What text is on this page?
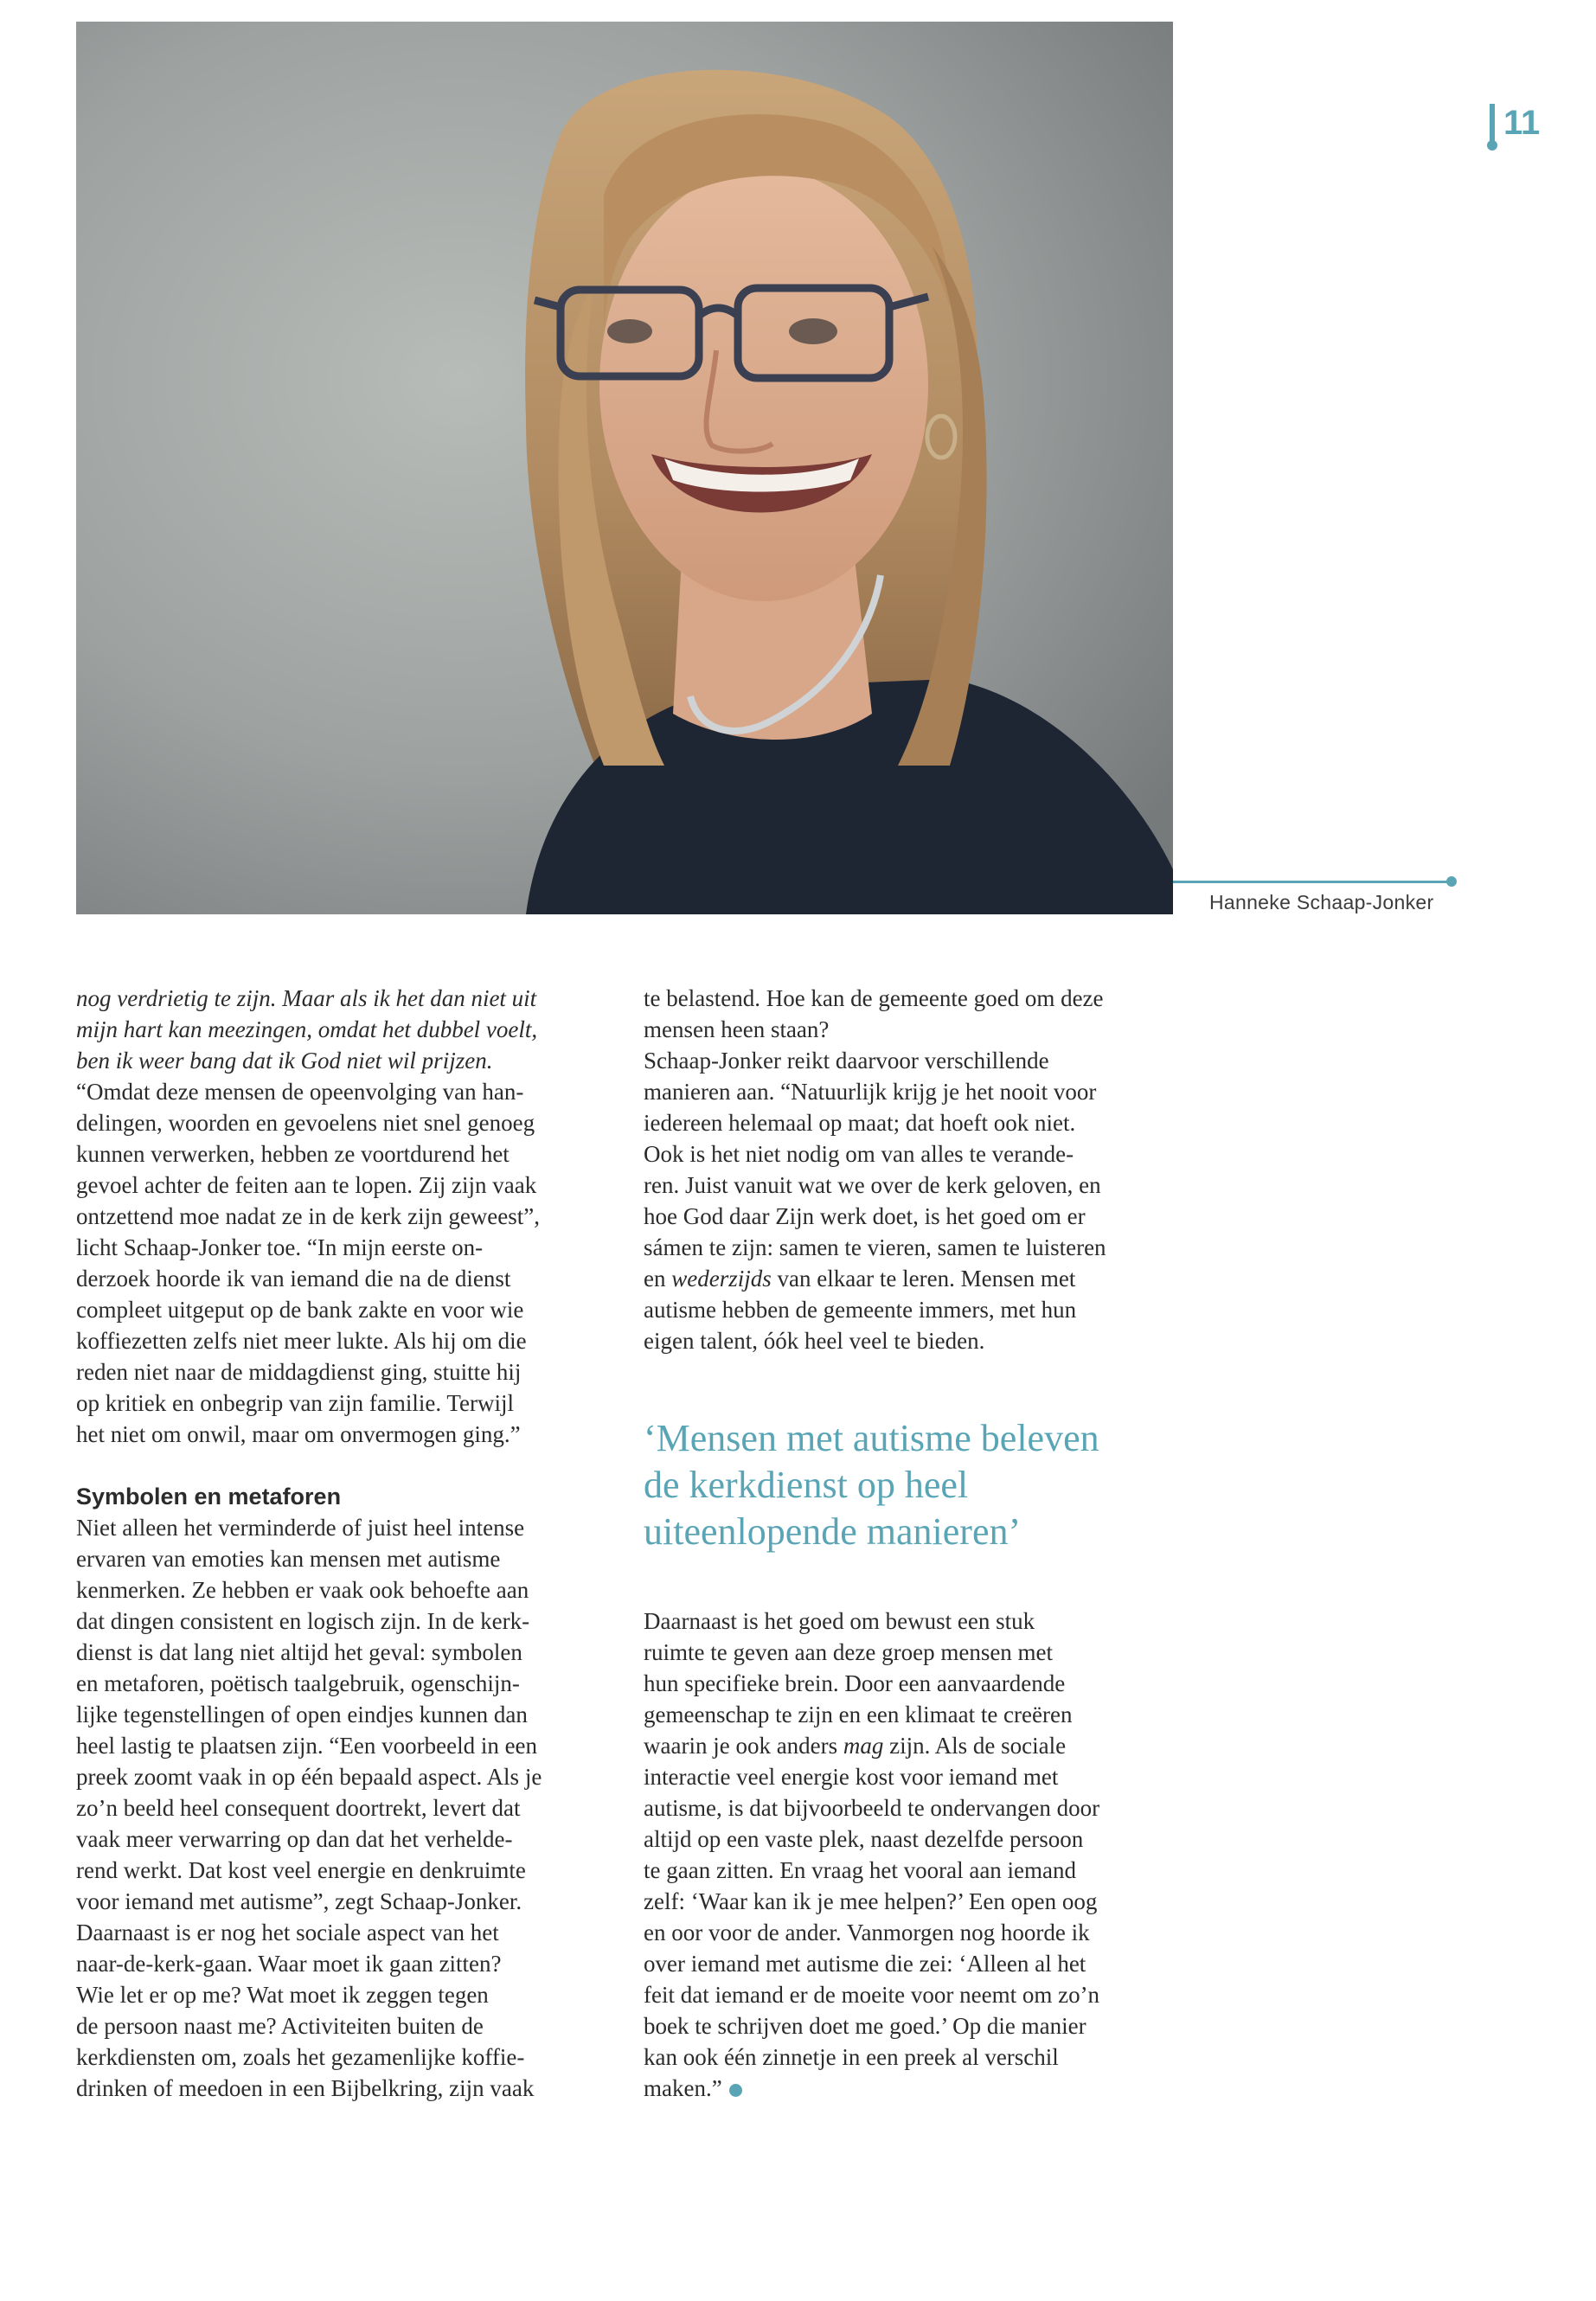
11
Hanneke Schaap-Jonker

nog verdrietig te zijn. Maar als ik het dan niet uit
mijn hart kan meezingen, omdat het dubbel voelt,
ben ik weer bang dat ik God niet wil prijzen.

“Omdat deze mensen de opeenvolging van han-
delingen, woorden en gevoelens niet snel genoeg
kunnen verwerken, hebben ze voortdurend het
gevoel achter de feiten aan te lopen. Zij zijn vaak
ontzettend moe nadat ze in de kerk zijn geweest”,
licht Schaap-Jonker toe. “In mijn eerste on-
derzoek hoorde ik van iemand die na de dienst
compleet uitgeput op de bank zakte en voor wie
koffiezetten zelfs niet meer lukte. Als hij om die
reden niet naar de middagdienst ging, stuitte hij
op kritiek en onbegrip van zijn familie. Terwijl
het niet om onwil, maar om onvermogen ging.”

Symbolen en metaforen

Niet alleen het verminderde of juist heel intense
ervaren van emoties kan mensen met autisme
kenmerken. Ze hebben er vaak ook behoefte aan
dat dingen consistent en logisch zijn. In de kerk-
dienst is dat lang niet altijd het geval: symbolen
en metaforen, poëtisch taalgebruik, ogenschijn-
lijke tegenstellingen of open eindjes kunnen dan
heel lastig te plaatsen zijn. “Een voorbeeld in een
preek zoomt vaak in op één bepaald aspect. Als je
zo’n beeld heel consequent doortrekt, levert dat
vaak meer verwarring op dan dat het verhelde-
rend werkt. Dat kost veel energie en denkruimte
voor iemand met autisme”, zegt Schaap-Jonker.
Daarnaast is er nog het sociale aspect van het
naar-de-kerk-gaan. Waar moet ik gaan zitten?
Wie let er op me? Wat moet ik zeggen tegen
de persoon naast me? Activiteiten buiten de
kerkdiensten om, zoals het gezamenlijke koffie-
drinken of meedoen in een Bijbelkring, zijn vaak

te belastend. Hoe kan de gemeente goed om deze
mensen heen staan?

Schaap-Jonker reikt daarvoor verschillende
manieren aan. “Natuurlijk krijg je het nooit voor
iedereen helemaal op maat; dat hoeft ook niet.
Ook is het niet nodig om van alles te verande-
ren. Juist vanuit wat we over de kerk geloven, en
hoe God daar Zijn werk doet, is het goed om er
sámen te zijn: samen te vieren, samen te luisteren
en wederzijds van elkaar te leren. Mensen met
autisme hebben de gemeente immers, met hun
eigen talent, óók heel veel te bieden.

‘Mensen met autisme beleven
de kerkdienst op heel
uiteenlopende manieren’

Daarnaast is het goed om bewust een stuk
ruimte te geven aan deze groep mensen met
hun specifieke brein. Door een aanvaardende
gemeenschap te zijn en een klimaat te creëren
waarin je ook anders mag zijn. Als de sociale
interactie veel energie kost voor iemand met
autisme, is dat bijvoorbeeld te ondervangen door
altijd op een vaste plek, naast dezelfde persoon
te gaan zitten. En vraag het vooral aan iemand
zelf: ‘Waar kan ik je mee helpen?’ Een open oog
en oor voor de ander. Vanmorgen nog hoorde ik
over iemand met autisme die zei: ‘Alleen al het
feit dat iemand er de moeite voor neemt om zo’n
boek te schrijven doet me goed.’ Op die manier
kan ook één zinnetje in een preek al verschil
maken.”
